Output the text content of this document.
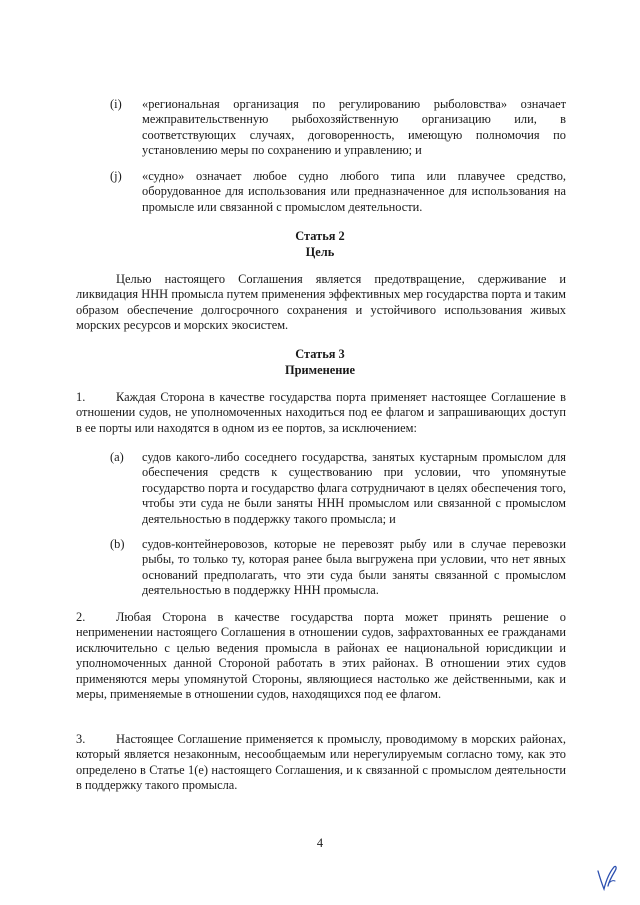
(i) «региональная организация по регулированию рыболовства» означает межправительственную рыбохозяйственную организацию или, в соответствующих случаях, договоренность, имеющую полномочия по установлению меры по сохранению и управлению; и
(j) «судно» означает любое судно любого типа или плавучее средство, оборудованное для использования или предназначенное для использования на промысле или связанной с промыслом деятельности.
Статья 2
Цель
Целью настоящего Соглашения является предотвращение, сдерживание и ликвидация ННН промысла путем применения эффективных мер государства порта и таким образом обеспечение долгосрочного сохранения и устойчивого использования живых морских ресурсов и морских экосистем.
Статья 3
Применение
1. Каждая Сторона в качестве государства порта применяет настоящее Соглашение в отношении судов, не уполномоченных находиться под ее флагом и запрашивающих доступ в ее порты или находятся в одном из ее портов, за исключением:
(a) судов какого-либо соседнего государства, занятых кустарным промыслом для обеспечения средств к существованию при условии, что упомянутые государство порта и государство флага сотрудничают в целях обеспечения того, чтобы эти суда не были заняты ННН промыслом или связанной с промыслом деятельностью в поддержку такого промысла; и
(b) судов-контейнеровозов, которые не перевозят рыбу или в случае перевозки рыбы, то только ту, которая ранее была выгружена при условии, что нет явных оснований предполагать, что эти суда были заняты связанной с промыслом деятельностью в поддержку ННН промысла.
2. Любая Сторона в качестве государства порта может принять решение о неприменении настоящего Соглашения в отношении судов, зафрахтованных ее гражданами исключительно с целью ведения промысла в районах ее национальной юрисдикции и уполномоченных данной Стороной работать в этих районах. В отношении этих судов применяются меры упомянутой Стороны, являющиеся настолько же действенными, как и меры, применяемые в отношении судов, находящихся под ее флагом.
3. Настоящее Соглашение применяется к промыслу, проводимому в морских районах, который является незаконным, несообщаемым или нерегулируемым согласно тому, как это определено в Статье 1(е) настоящего Соглашения, и к связанной с промыслом деятельности в поддержку такого промысла.
4
